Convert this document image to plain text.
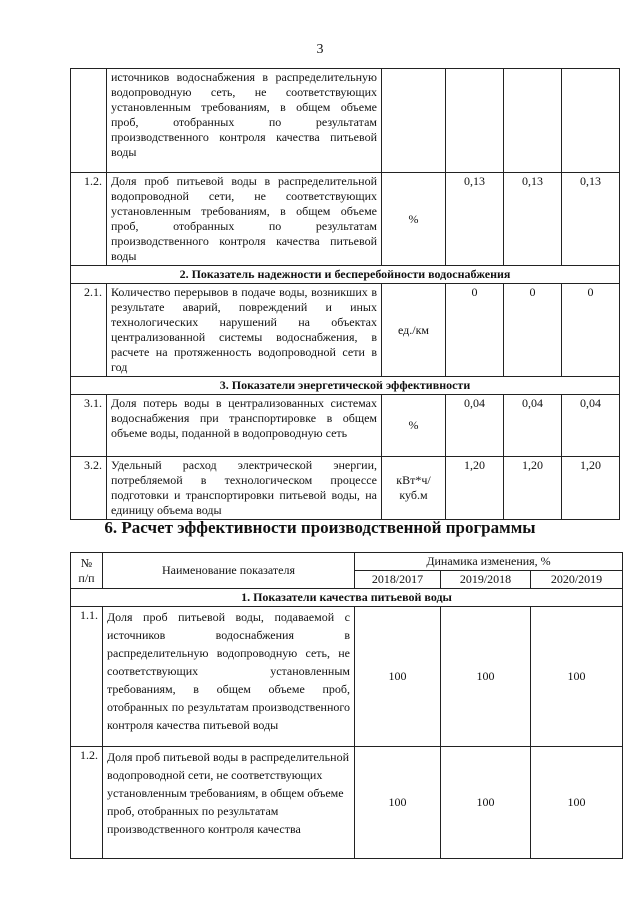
3
	источников водоснабжения в распределительную водопроводную сеть, не соответствующих установленным требованиям, в общем объеме проб, отобранных по результатам производственного контроля качества питьевой воды				
1.2.	Доля проб питьевой воды в распределительной водопроводной сети, не соответствующих установленным требованиям, в общем объеме проб, отобранных по результатам производственного контроля качества питьевой воды	%	0,13	0,13	0,13
2. Показатель надежности и бесперебойности водоснабжения					
2.1.	Количество перерывов в подаче воды, возникших в результате аварий, повреждений и иных технологических нарушений на объектах централизованной системы водоснабжения, в расчете на протяженность водопроводной сети в год	ед./км	0	0	0
3. Показатели энергетической эффективности					
3.1.	Доля потерь воды в централизованных системах водоснабжения при транспортировке в общем объеме воды, поданной в водопроводную сеть	%	0,04	0,04	0,04
3.2.	Удельный расход электрической энергии, потребляемой в технологическом процессе подготовки и транспортировки питьевой воды, на единицу объема воды	кВт*ч/ куб.м	1,20	1,20	1,20
6. Расчет эффективности производственной программы
№ п/п	Наименование показателя	Динамика изменения, %		
		2018/2017	2019/2018	2020/2019
1. Показатели качества питьевой воды				
1.1.	Доля проб питьевой воды, подаваемой с источников водоснабжения в распределительную водопроводную сеть, не соответствующих установленным требованиям, в общем объеме проб, отобранных по результатам производственного контроля качества питьевой воды	100	100	100
1.2.	Доля проб питьевой воды в распределительной водопроводной сети, не соответствующих установленным требованиям, в общем объеме проб, отобранных по результатам производственного контроля качества	100	100	100
